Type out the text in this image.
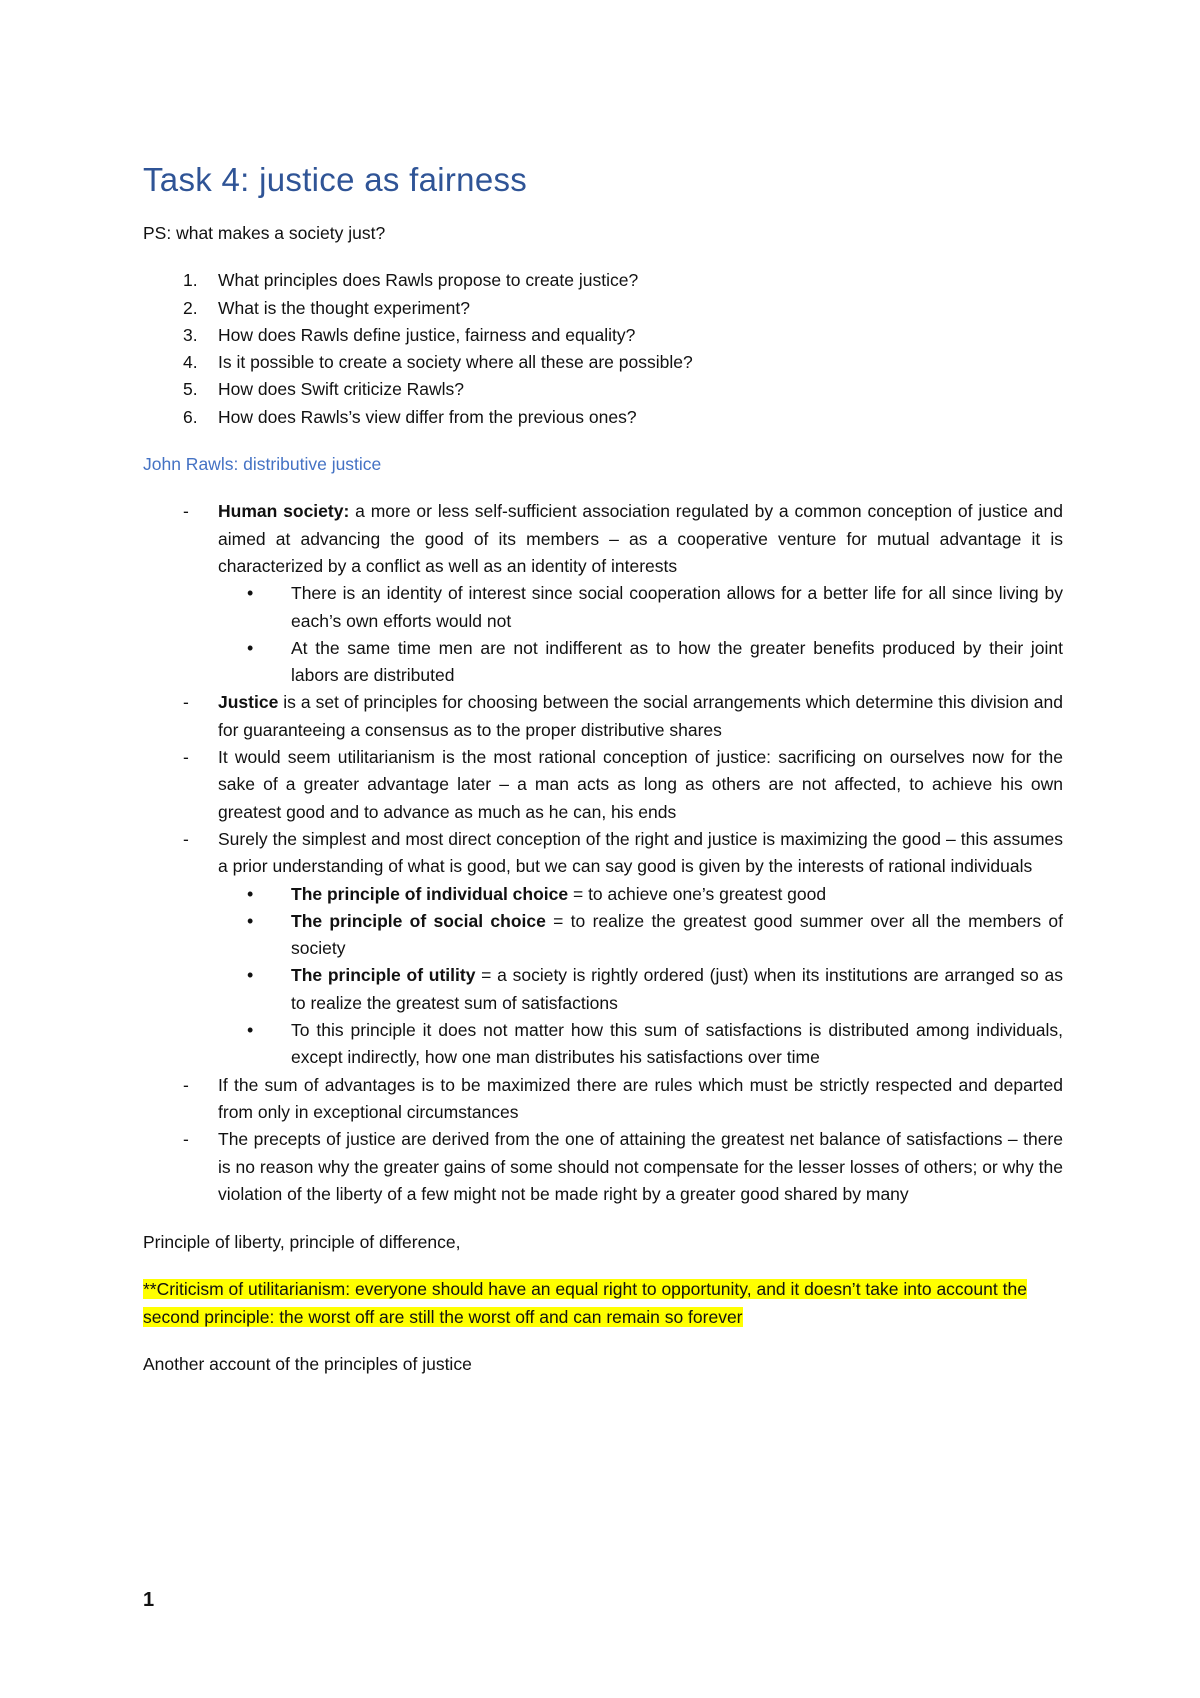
Task 4: justice as fairness

PS: what makes a society just?

1.	What principles does Rawls propose to create justice?
2.	What is the thought experiment?
3.	How does Rawls define justice, fairness and equality?
4.	Is it possible to create a society where all these are possible?
5.	How does Swift criticize Rawls?
6.	How does Rawls’s view differ from the previous ones?

John Rawls: distributive justice

- Human society: a more or less self-sufficient association regulated by a common conception of justice and aimed at advancing the good of its members – as a cooperative venture for mutual advantage it is characterized by a conflict as well as an identity of interests
• There is an identity of interest since social cooperation allows for a better life for all since living by each’s own efforts would not
• At the same time men are not indifferent as to how the greater benefits produced by their joint labors are distributed
- Justice is a set of principles for choosing between the social arrangements which determine this division and for guaranteeing a consensus as to the proper distributive shares
- It would seem utilitarianism is the most rational conception of justice: sacrificing on ourselves now for the sake of a greater advantage later – a man acts as long as others are not affected, to achieve his own greatest good and to advance as much as he can, his ends
- Surely the simplest and most direct conception of the right and justice is maximizing the good – this assumes a prior understanding of what is good, but we can say good is given by the interests of rational individuals
• The principle of individual choice = to achieve one’s greatest good
• The principle of social choice = to realize the greatest good summer over all the members of society
• The principle of utility = a society is rightly ordered (just) when its institutions are arranged so as to realize the greatest sum of satisfactions
• To this principle it does not matter how this sum of satisfactions is distributed among individuals, except indirectly, how one man distributes his satisfactions over time
- If the sum of advantages is to be maximized there are rules which must be strictly respected and departed from only in exceptional circumstances
- The precepts of justice are derived from the one of attaining the greatest net balance of satisfactions – there is no reason why the greater gains of some should not compensate for the lesser losses of others; or why the violation of the liberty of a few might not be made right by a greater good shared by many

Principle of liberty, principle of difference,

**Criticism of utilitarianism: everyone should have an equal right to opportunity, and it doesn’t take into account the second principle: the worst off are still the worst off and can remain so forever

Another account of the principles of justice

1
